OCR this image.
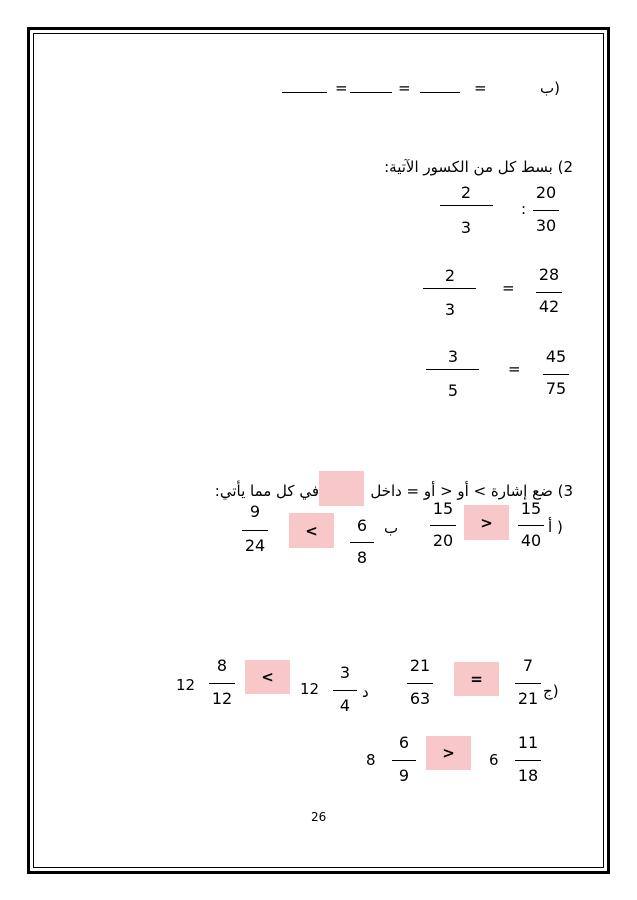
ب)
=
=
=
2) بسط كل من الكسور الآتية:
20
30
:
2
3
28
42
=
2
3
45
75
=
3
5
3) ضع إشارة > أو < أو = داخل
في كل مما يأتي:
أ )
15
40
>
15
20
ب
6
8
<
9
24
ج)
7
21
=
21
63
د
3
4
12
<
8
12
12
11
18
6
>
6
9
8
26
